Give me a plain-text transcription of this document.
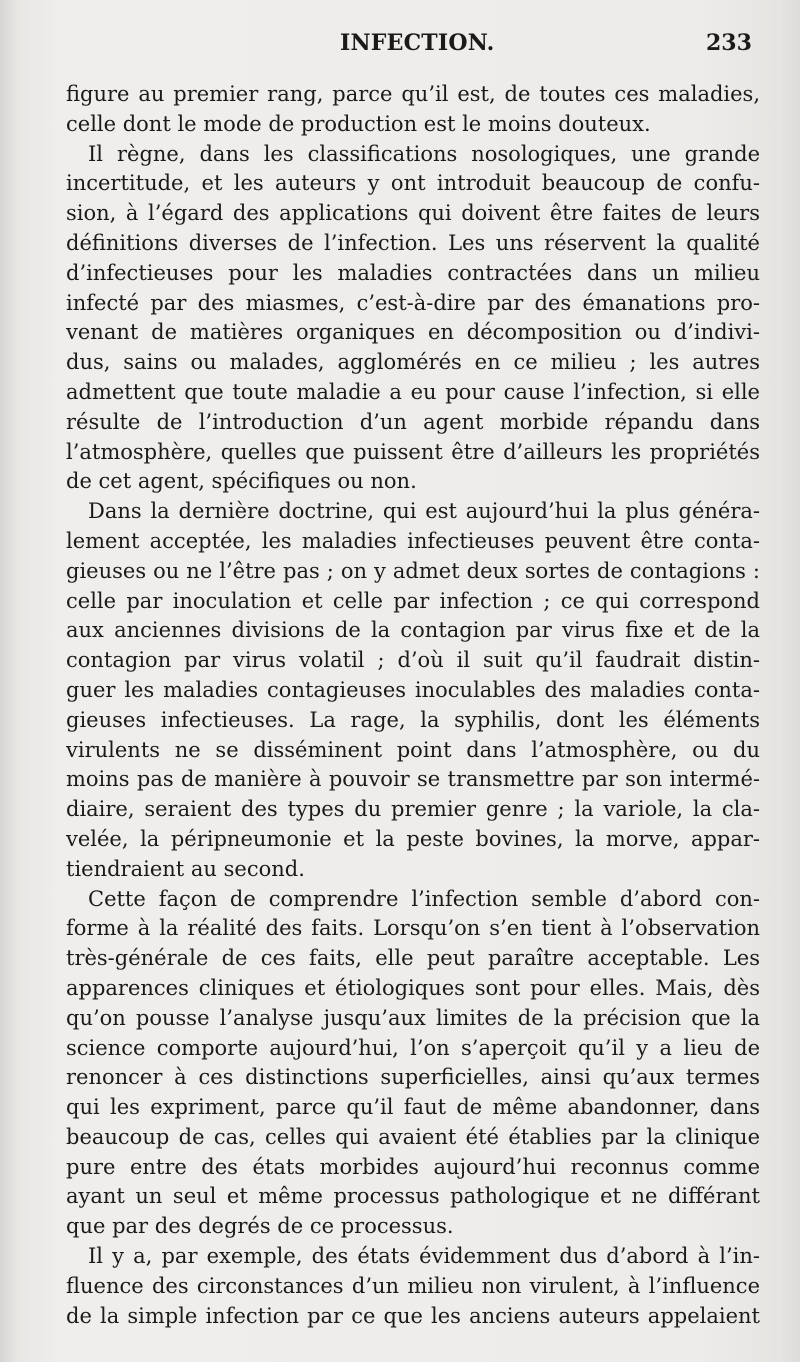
INFECTION.	233
figure au premier rang, parce qu’il est, de toutes ces maladies,
celle dont le mode de production est le moins douteux.
Il règne, dans les classifications nosologiques, une grande
incertitude, et les auteurs y ont introduit beaucoup de confu-
sion, à l’égard des applications qui doivent être faites de leurs
définitions diverses de l’infection. Les uns réservent la qualité
d’infectieuses pour les maladies contractées dans un milieu
infecté par des miasmes, c’est-à-dire par des émanations pro-
venant de matières organiques en décomposition ou d’indivi-
dus, sains ou malades, agglomérés en ce milieu ; les autres
admettent que toute maladie a eu pour cause l’infection, si elle
résulte de l’introduction d’un agent morbide répandu dans
l’atmosphère, quelles que puissent être d’ailleurs les propriétés
de cet agent, spécifiques ou non.
Dans la dernière doctrine, qui est aujourd’hui la plus généra-
lement acceptée, les maladies infectieuses peuvent être conta-
gieuses ou ne l’être pas ; on y admet deux sortes de contagions :
celle par inoculation et celle par infection ; ce qui correspond
aux anciennes divisions de la contagion par virus fixe et de la
contagion par virus volatil ; d’où il suit qu’il faudrait distin-
guer les maladies contagieuses inoculables des maladies conta-
gieuses infectieuses. La rage, la syphilis, dont les éléments
virulents ne se disséminent point dans l’atmosphère, ou du
moins pas de manière à pouvoir se transmettre par son intermé-
diaire, seraient des types du premier genre ; la variole, la cla-
velée, la péripneumonie et la peste bovines, la morve, appar-
tiendraient au second.
Cette façon de comprendre l’infection semble d’abord con-
forme à la réalité des faits. Lorsqu’on s’en tient à l’observation
très-générale de ces faits, elle peut paraître acceptable. Les
apparences cliniques et étiologiques sont pour elles. Mais, dès
qu’on pousse l’analyse jusqu’aux limites de la précision que la
science comporte aujourd’hui, l’on s’aperçoit qu’il y a lieu de
renoncer à ces distinctions superficielles, ainsi qu’aux termes
qui les expriment, parce qu’il faut de même abandonner, dans
beaucoup de cas, celles qui avaient été établies par la clinique
pure entre des états morbides aujourd’hui reconnus comme
ayant un seul et même processus pathologique et ne différant
que par des degrés de ce processus.
Il y a, par exemple, des états évidemment dus d’abord à l’in-
fluence des circonstances d’un milieu non virulent, à l’influence
de la simple infection par ce que les anciens auteurs appelaient
